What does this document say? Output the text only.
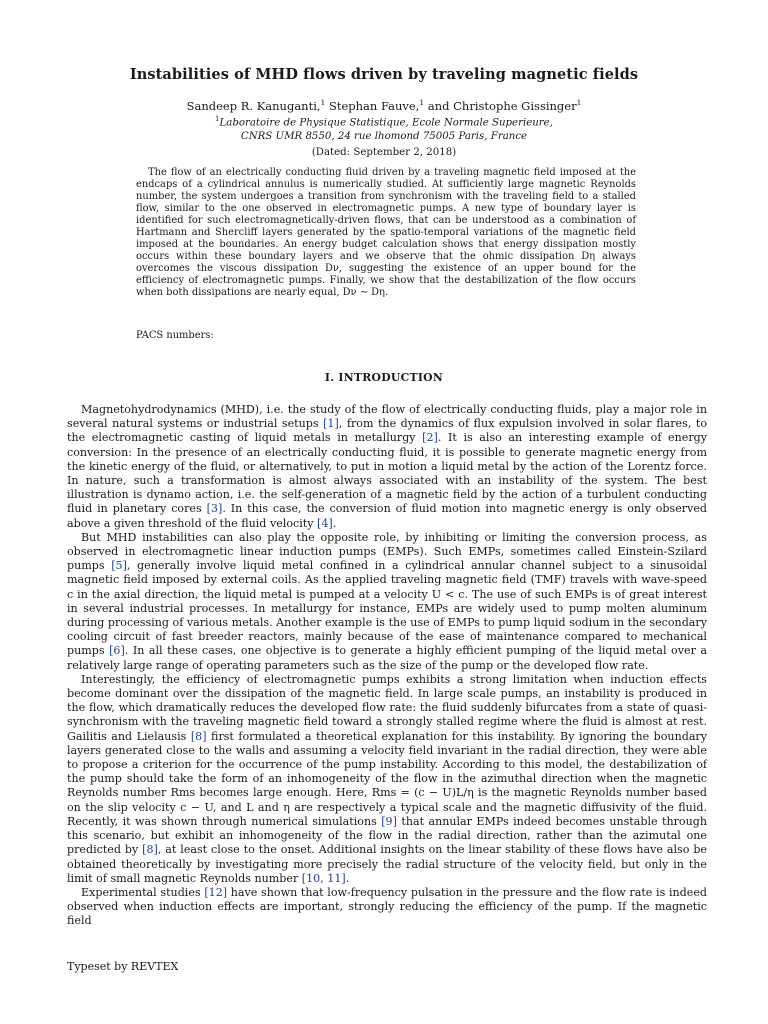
Instabilities of MHD flows driven by traveling magnetic fields
Sandeep R. Kanuganti,$^1$ Stephan Fauve,$^1$ and Christophe Gissinger$^1$
$^1$Laboratoire de Physique Statistique, Ecole Normale Superieure,
CNRS UMR 8550, 24 rue lhomond 75005 Paris, France
(Dated: September 2, 2018)

The flow of an electrically conducting fluid driven by a traveling magnetic field imposed at the endcaps of a cylindrical annulus is numerically studied. At sufficiently large magnetic Reynolds number, the system undergoes a transition from synchronism with the traveling field to a stalled flow, similar to the one observed in electromagnetic pumps. A new type of boundary layer is identified for such electromagnetically-driven flows, that can be understood as a combination of Hartmann and Shercliff layers generated by the spatio-temporal variations of the magnetic field imposed at the boundaries. An energy budget calculation shows that energy dissipation mostly occurs within these boundary layers and we observe that the ohmic dissipation Dη always overcomes the viscous dissipation Dν, suggesting the existence of an upper bound for the efficiency of electromagnetic pumps. Finally, we show that the destabilization of the flow occurs when both dissipations are nearly equal, Dν ∼ Dη.

PACS numbers:
I. INTRODUCTION

Magnetohydrodynamics (MHD), i.e. the study of the flow of electrically conducting fluids, play a major role in several natural systems or industrial setups [1], from the dynamics of flux expulsion involved in solar flares, to the electromagnetic casting of liquid metals in metallurgy [2]. It is also an interesting example of energy conversion: In the presence of an electrically conducting fluid, it is possible to generate magnetic energy from the kinetic energy of the fluid, or alternatively, to put in motion a liquid metal by the action of the Lorentz force. In nature, such a transformation is almost always associated with an instability of the system. The best illustration is dynamo action, i.e. the self-generation of a magnetic field by the action of a turbulent conducting fluid in planetary cores [3]. In this case, the conversion of fluid motion into magnetic energy is only observed above a given threshold of the fluid velocity [4].

But MHD instabilities can also play the opposite role, by inhibiting or limiting the conversion process, as observed in electromagnetic linear induction pumps (EMPs). Such EMPs, sometimes called Einstein-Szilard pumps [5], generally involve liquid metal confined in a cylindrical annular channel subject to a sinusoidal magnetic field imposed by external coils. As the applied traveling magnetic field (TMF) travels with wave-speed c in the axial direction, the liquid metal is pumped at a velocity U < c. The use of such EMPs is of great interest in several industrial processes. In metallurgy for instance, EMPs are widely used to pump molten aluminum during processing of various metals. Another example is the use of EMPs to pump liquid sodium in the secondary cooling circuit of fast breeder reactors, mainly because of the ease of maintenance compared to mechanical pumps [6]. In all these cases, one objective is to generate a highly efficient pumping of the liquid metal over a relatively large range of operating parameters such as the size of the pump or the developed flow rate.

Interestingly, the efficiency of electromagnetic pumps exhibits a strong limitation when induction effects become dominant over the dissipation of the magnetic field. In large scale pumps, an instability is produced in the flow, which dramatically reduces the developed flow rate: the fluid suddenly bifurcates from a state of quasi-synchronism with the traveling magnetic field toward a strongly stalled regime where the fluid is almost at rest. Gailitis and Lielausis [8] first formulated a theoretical explanation for this instability. By ignoring the boundary layers generated close to the walls and assuming a velocity field invariant in the radial direction, they were able to propose a criterion for the occurrence of the pump instability. According to this model, the destabilization of the pump should take the form of an inhomogeneity of the flow in the azimuthal direction when the magnetic Reynolds number Rms becomes large enough. Here, Rms = (c − U)L/η is the magnetic Reynolds number based on the slip velocity c − U, and L and η are respectively a typical scale and the magnetic diffusivity of the fluid. Recently, it was shown through numerical simulations [9] that annular EMPs indeed becomes unstable through this scenario, but exhibit an inhomogeneity of the flow in the radial direction, rather than the azimutal one predicted by [8], at least close to the onset. Additional insights on the linear stability of these flows have also be obtained theoretically by investigating more precisely the radial structure of the velocity field, but only in the limit of small magnetic Reynolds number [10, 11].

Experimental studies [12] have shown that low-frequency pulsation in the pressure and the flow rate is indeed observed when induction effects are important, strongly reducing the efficiency of the pump. If the magnetic field

Typeset by REVTEX
